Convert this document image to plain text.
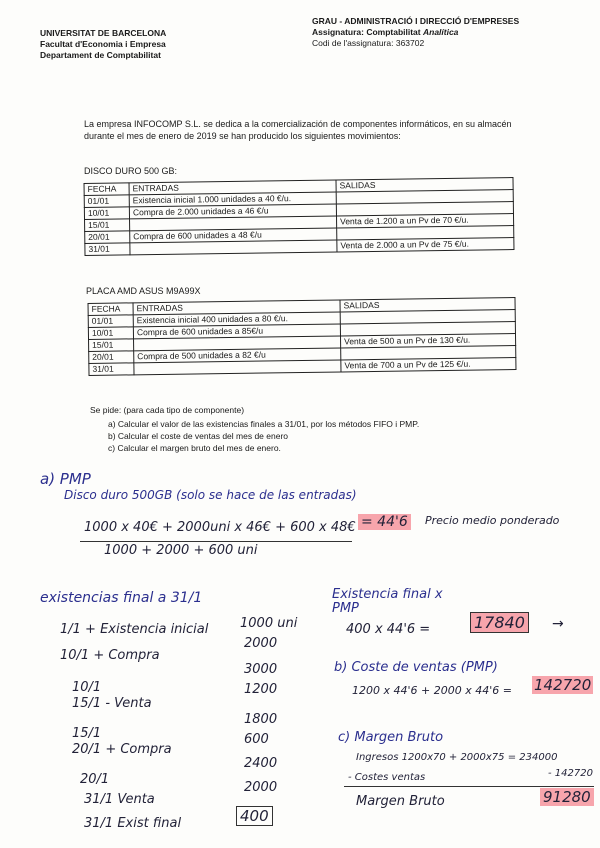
UNIVERSITAT DE BARCELONA
Facultat d'Economia i Empresa
Departament de Comptabilitat
GRAU - ADMINISTRACIÓ I DIRECCIÓ D'EMPRESES
Assignatura: Comptabilitat Analítica
Codi de l'assignatura: 363702
La empresa INFOCOMP S.L. se dedica a la comercialización de componentes informáticos, en su almacén durante el mes de enero de 2019 se han producido los siguientes movimientos:
DISCO DURO 500 GB:
FECHA	ENTRADAS	SALIDAS
01/01	Existencia inicial 1.000 unidades a 40 €/u.	
10/01	Compra de 2.000 unidades a 46 €/u	
15/01		Venta de 1.200 a un Pv de 70 €/u.
20/01	Compra de 600 unidades a 48 €/u	
31/01		Venta de 2.000 a un Pv de 75 €/u.
PLACA AMD ASUS M9A99X
FECHA	ENTRADAS	SALIDAS
01/01	Existencia inicial 400 unidades a 80 €/u.	
10/01	Compra de 600 unidades a 85€/u	
15/01		Venta de 500 a un Pv de 130 €/u.
20/01	Compra de 500 unidades a 82 €/u	
31/01		Venta de 700 a un Pv de 125 €/u.
Se pide: (para cada tipo de componente)
a) Calcular el valor de las existencias finales a 31/01, por los métodos FIFO i PMP.
b) Calcular el coste de ventas del mes de enero
c) Calcular el margen bruto del mes de enero.
a) PMP
Disco duro 500GB (solo se hace de las entradas)
1000 x 40€ + 2000uni x 46€ + 600 x 48€
1000 + 2000 + 600 uni
= 44'6 Precio medio ponderado
existencias final a 31/1
1/1 + Existencia inicial 1000 uni
10/1 + Compra
2000
3000
10/1
15/1 - Venta
1200
1800
15/1
20/1 + Compra
600
2400
20/1
31/1 Venta
2000
31/1 Exist final	400
Existencia final x PMP
400 x 44'6 =	17840 →
b) Coste de ventas (PMP)
1200 x 44'6 + 2000 x 44'6 = 142720
c) Margen Bruto
Ingresos 1200x70 + 2000x75 = 234000
- Costes ventas	- 142720
Margen Bruto	91280
